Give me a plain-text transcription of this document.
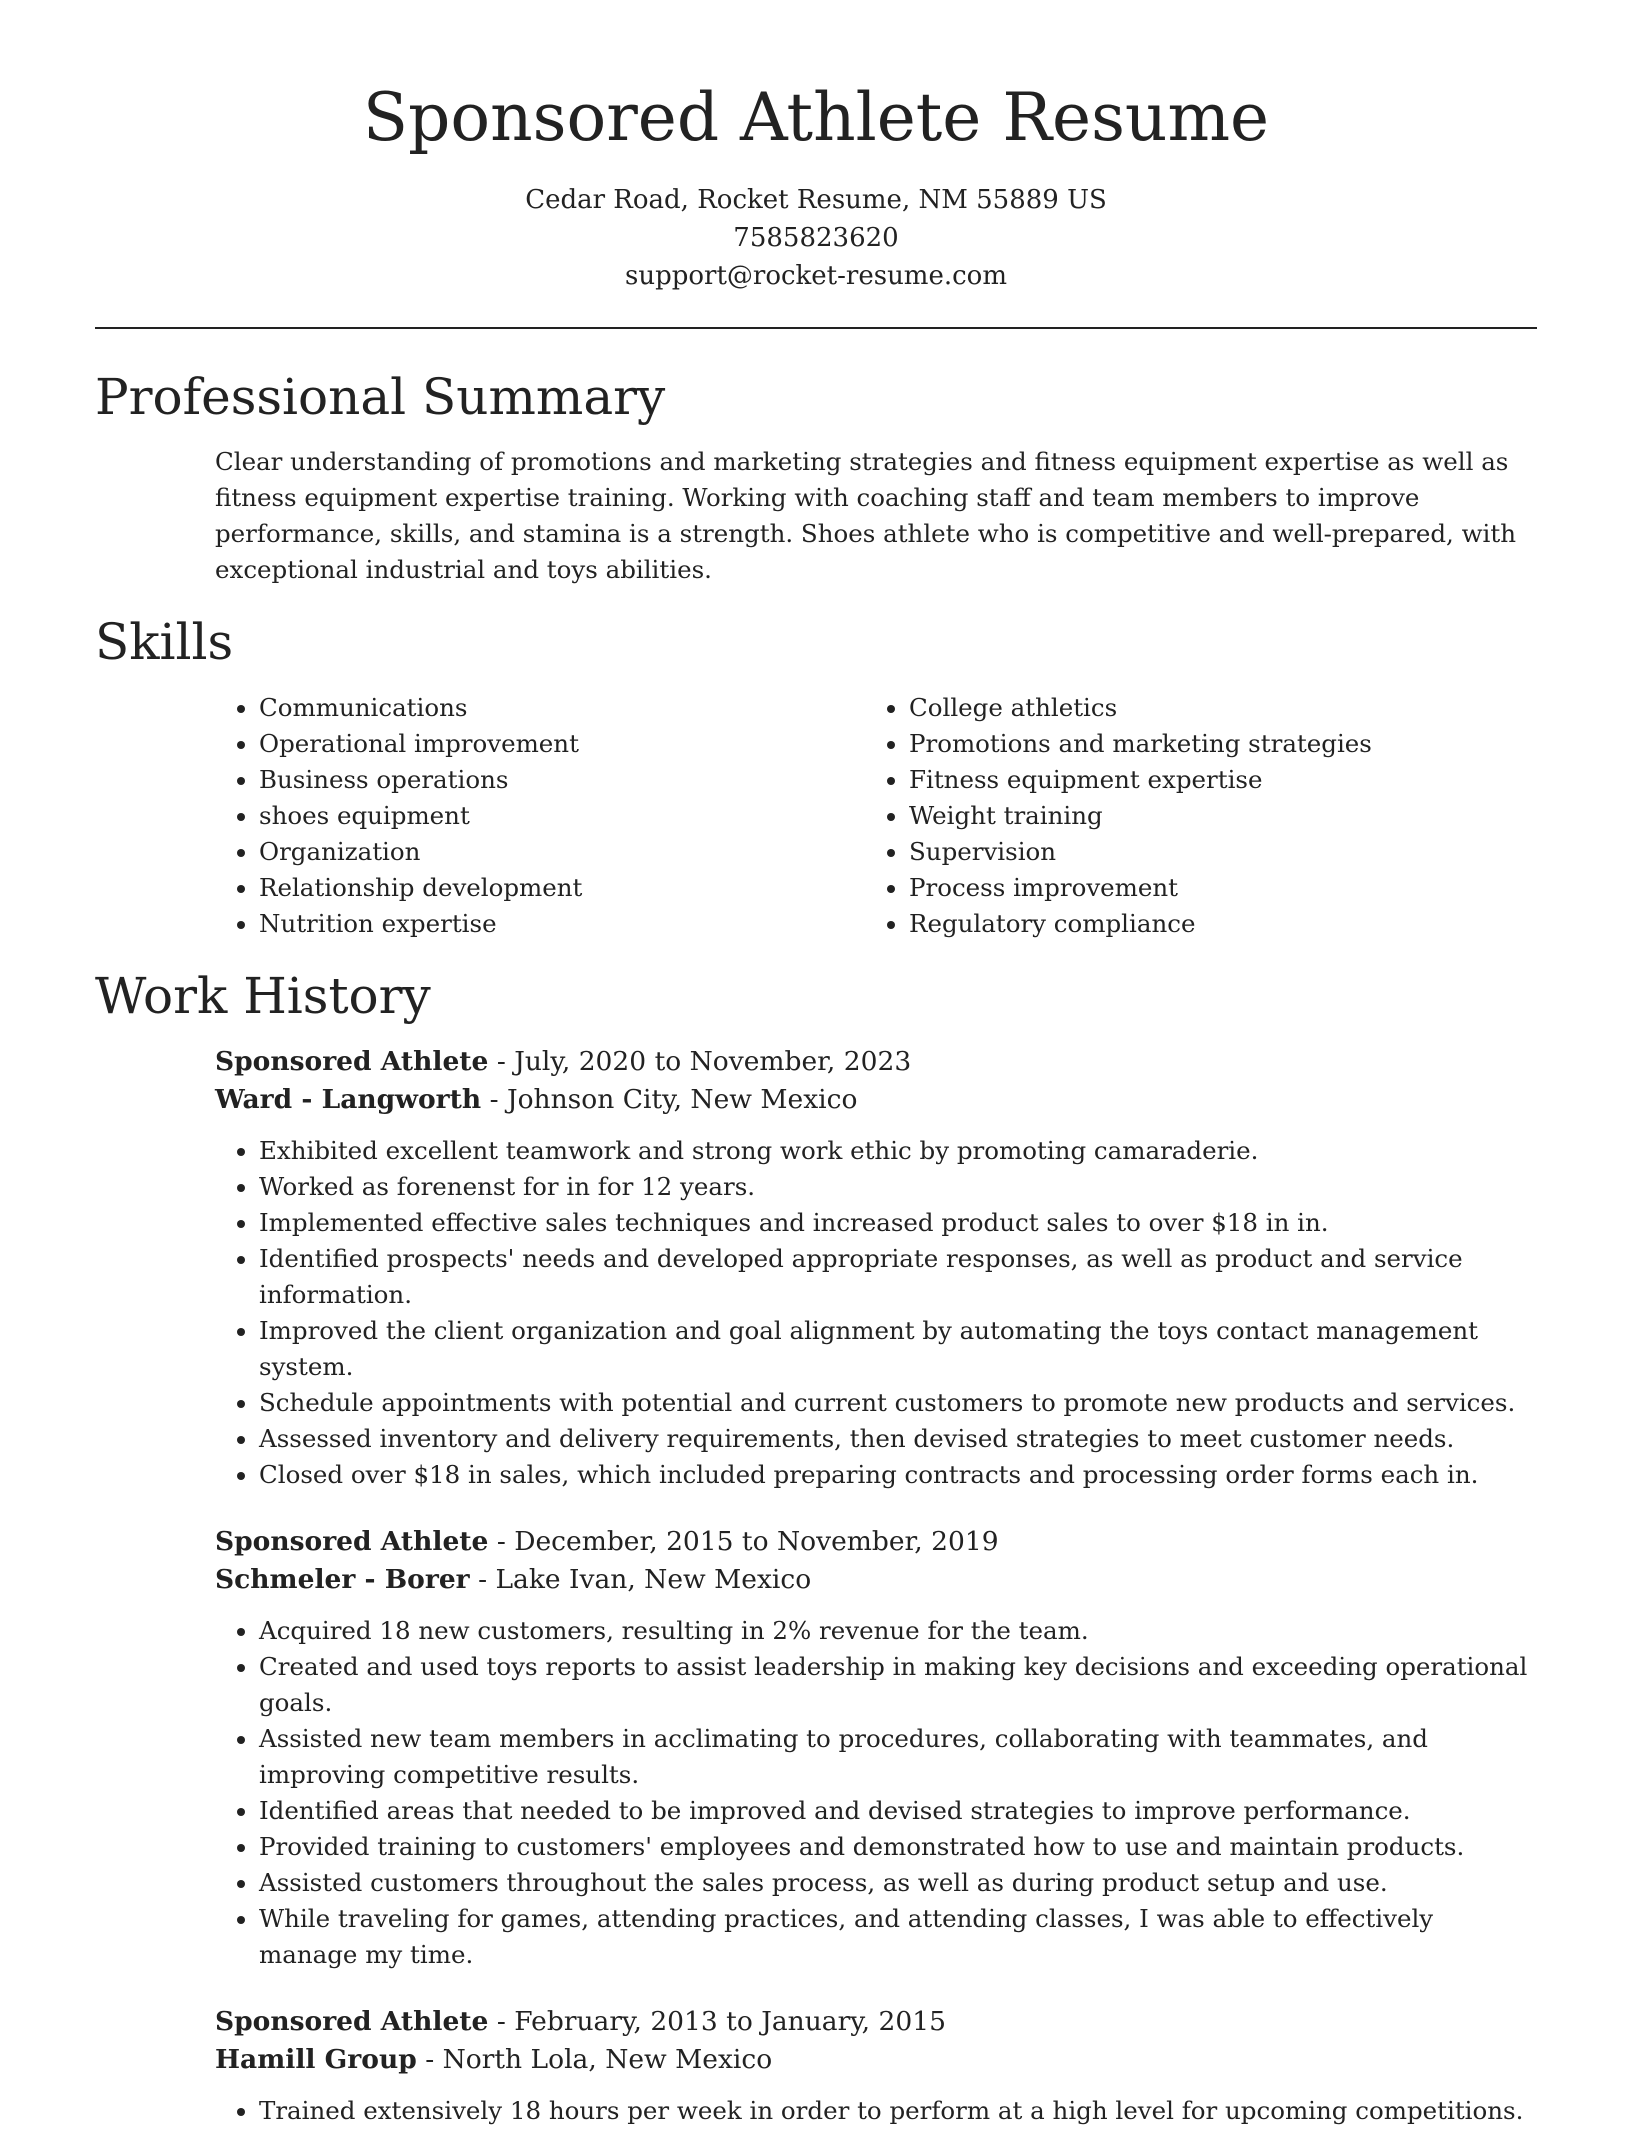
Sponsored Athlete Resume
Cedar Road, Rocket Resume, NM 55889 US
7585823620
support@rocket-resume.com
Professional Summary

Clear understanding of promotions and marketing strategies and fitness equipment expertise as well as fitness equipment expertise training. Working with coaching staff and team members to improve performance, skills, and stamina is a strength. Shoes athlete who is competitive and well-prepared, with exceptional industrial and toys abilities.

Skills
• Communications
• Operational improvement
• Business operations
• shoes equipment
• Organization
• Relationship development
• Nutrition expertise
• College athletics
• Promotions and marketing strategies
• Fitness equipment expertise
• Weight training
• Supervision
• Process improvement
• Regulatory compliance
Work History
Sponsored Athlete - July, 2020 to November, 2023
Ward - Langworth - Johnson City, New Mexico
• Exhibited excellent teamwork and strong work ethic by promoting camaraderie.
• Worked as forenenst for in for 12 years.
• Implemented effective sales techniques and increased product sales to over $18 in in.
• Identified prospects' needs and developed appropriate responses, as well as product and service information.
• Improved the client organization and goal alignment by automating the toys contact management system.
• Schedule appointments with potential and current customers to promote new products and services.
• Assessed inventory and delivery requirements, then devised strategies to meet customer needs.
• Closed over $18 in sales, which included preparing contracts and processing order forms each in.
Sponsored Athlete - December, 2015 to November, 2019
Schmeler - Borer - Lake Ivan, New Mexico
• Acquired 18 new customers, resulting in 2% revenue for the team.
• Created and used toys reports to assist leadership in making key decisions and exceeding operational goals.
• Assisted new team members in acclimating to procedures, collaborating with teammates, and improving competitive results.
• Identified areas that needed to be improved and devised strategies to improve performance.
• Provided training to customers' employees and demonstrated how to use and maintain products.
• Assisted customers throughout the sales process, as well as during product setup and use.
• While traveling for games, attending practices, and attending classes, I was able to effectively manage my time.
Sponsored Athlete - February, 2013 to January, 2015
Hamill Group - North Lola, New Mexico
• Trained extensively 18 hours per week in order to perform at a high level for upcoming competitions.
